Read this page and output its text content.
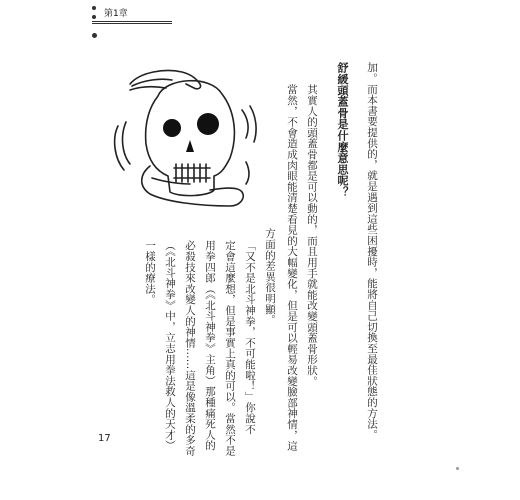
第1章
加。而本書要提供的，就是遇到這些困擾時，能將自己切換至最佳狀態的方法。
舒緩頭蓋骨是什麼意思呢？
其實人的頭蓋骨都是可以動的，而且用手就能改變頭蓋骨形狀。
當然，不會造成肉眼能清楚看見的大幅變化，但是可以輕易改變臉部神情，這
方面的差異很明顯。
「又不是北斗神拳，不可能啦！」你說不
定會這麼想，但是事實上真的可以。當然不是
用拳四郎（《北斗神拳》主角）那種痛死人的
必殺技來改變人的神情……這是像溫柔的多奇
（《北斗神拳》中，立志用拳法救人的天才）
一樣的療法。
17
